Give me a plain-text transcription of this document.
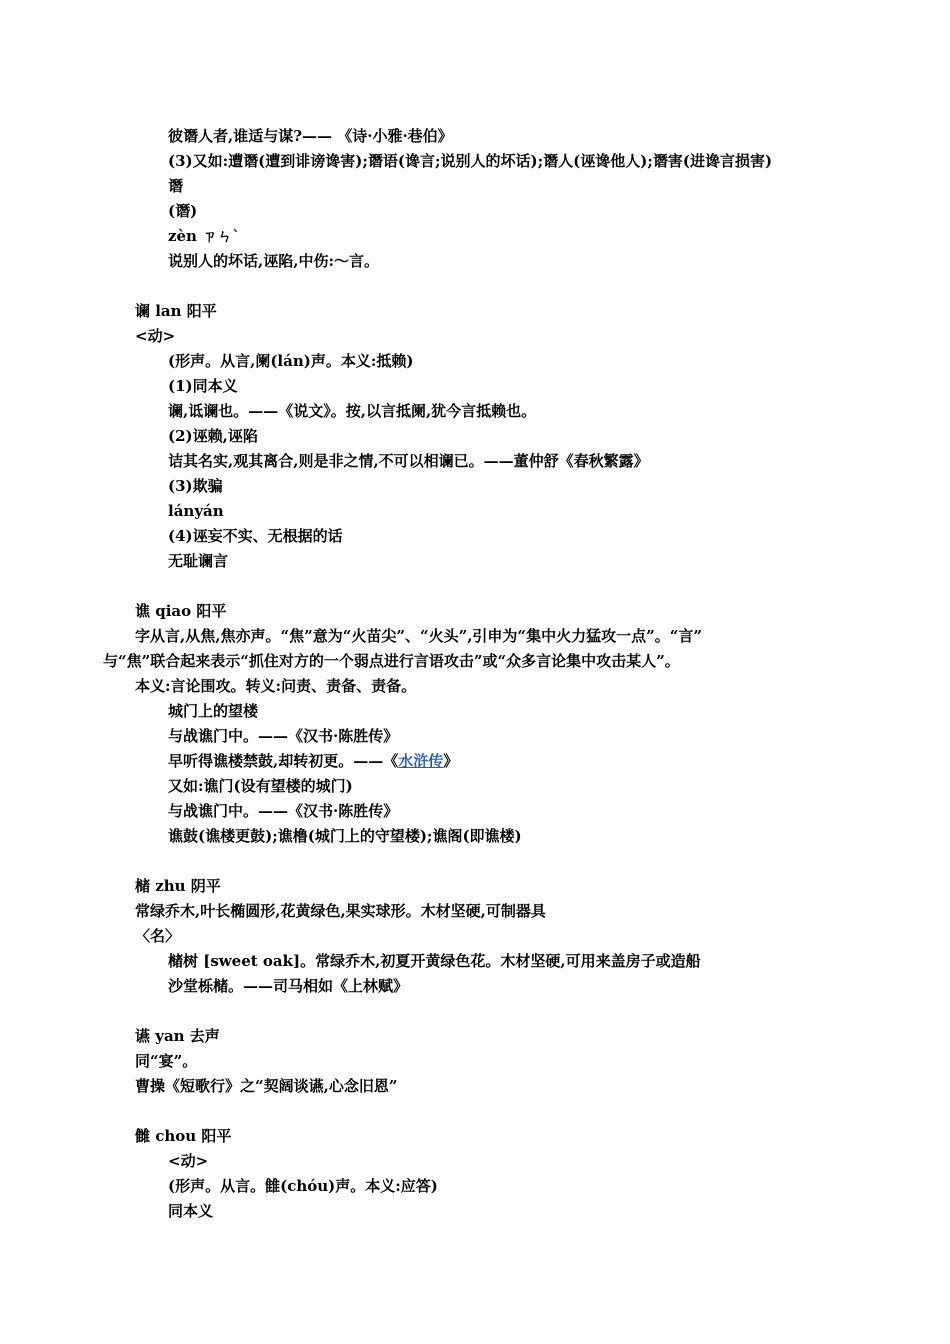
彼谮人者,谁适与谋?—— 《诗·小雅·巷伯》
(3)又如:遭谮(遭到诽谤谗害);谮语(谗言;说别人的坏话);谮人(诬谗他人);谮害(进谗言损害)
谮
(谮)
zèn ㄗㄣˋ
说别人的坏话,诬陷,中伤:～言。
谰 lan 阳平
<动>
(形声。从言,阑(lán)声。本义:抵赖)
(1)同本义
谰,诋谰也。——《说文》。按,以言抵阑,犹今言抵赖也。
(2)诬赖,诬陷
诘其名实,观其离合,则是非之情,不可以相谰已。——董仲舒《春秋繁露》
(3)欺骗
lányán
(4)诬妄不实、无根据的话
无耻谰言
谯 qiao 阳平
字从言,从焦,焦亦声。“焦”意为“火苗尖”、“火头”,引申为“集中火力猛攻一点”。“言”
与“焦”联合起来表示“抓住对方的一个弱点进行言语攻击”或“众多言论集中攻击某人”。
本义:言论围攻。转义:问责、责备、责备。
城门上的望楼
与战谯门中。——《汉书·陈胜传》
早听得谯楼禁鼓,却转初更。——《水浒传》
又如:谯门(设有望楼的城门)
与战谯门中。——《汉书·陈胜传》
谯鼓(谯楼更鼓);谯橹(城门上的守望楼);谯阁(即谯楼)
槠 zhu 阴平
常绿乔木,叶长椭圆形,花黄绿色,果实球形。木材坚硬,可制器具
〈名〉
槠树 [sweet oak]。常绿乔木,初夏开黄绿色花。木材坚硬,可用来盖房子或造船
沙堂栎槠。——司马相如《上林赋》
䜩 yan 去声
同“宴”。
曹操《短歌行》之“契阔谈䜩,心念旧恩”
雠 chou 阳平
<动>
(形声。从言。雔(chóu)声。本义:应答)
同本义
